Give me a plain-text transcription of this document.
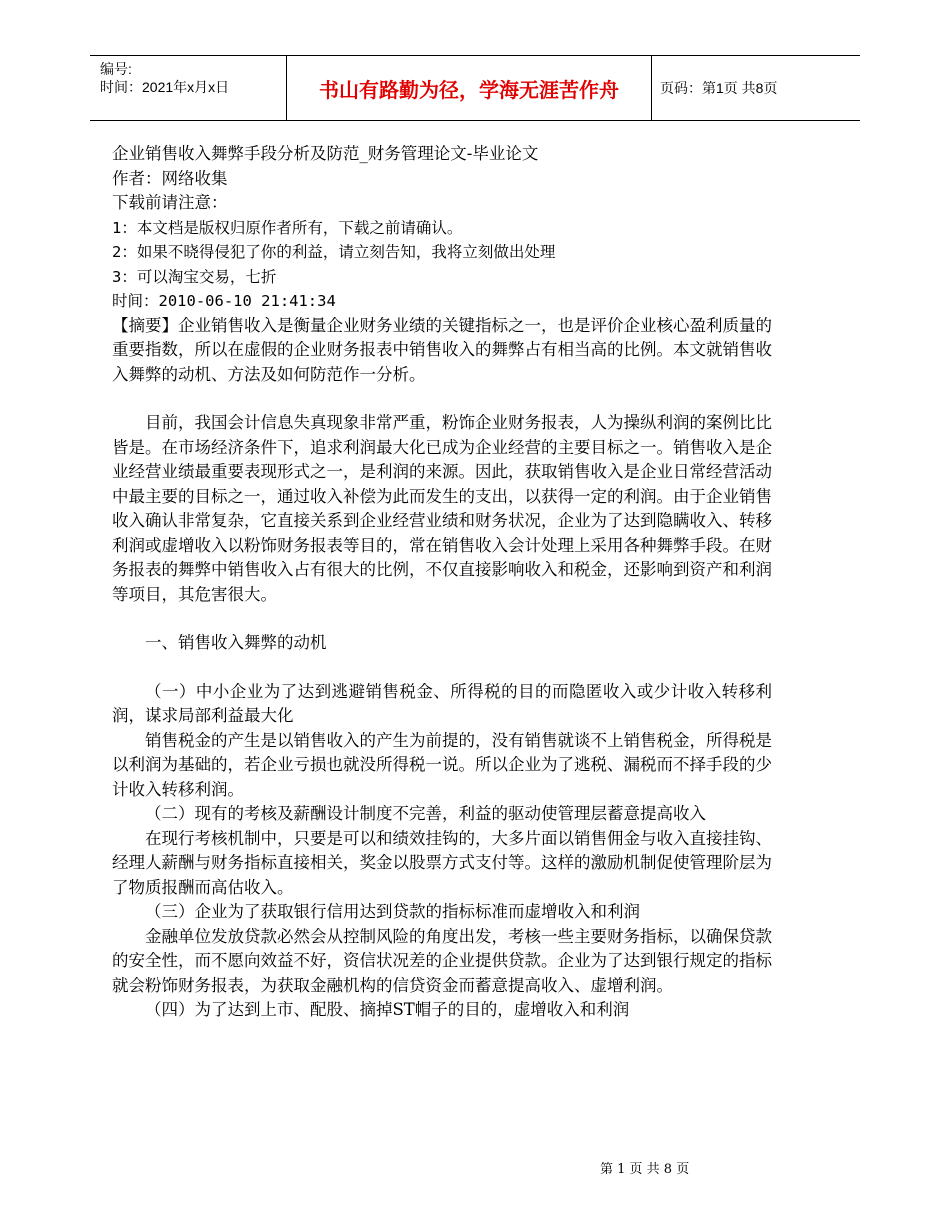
编号:
时间：2021年x月x日	书山有路勤为径，学海无涯苦作舟	页码：第1页 共8页

企业销售收入舞弊手段分析及防范_财务管理论文-毕业论文

作者：网络收集

下载前请注意：

1：本文档是版权归原作者所有，下载之前请确认。

2：如果不晓得侵犯了你的利益，请立刻告知，我将立刻做出处理

3：可以淘宝交易，七折

时间：2010-06-10 21:41:34

【摘要】企业销售收入是衡量企业财务业绩的关键指标之一，也是评价企业核心盈利质量的重要指数，所以在虚假的企业财务报表中销售收入的舞弊占有相当高的比例。本文就销售收入舞弊的动机、方法及如何防范作一分析。

目前，我国会计信息失真现象非常严重，粉饰企业财务报表，人为操纵利润的案例比比皆是。在市场经济条件下，追求利润最大化已成为企业经营的主要目标之一。销售收入是企业经营业绩最重要表现形式之一，是利润的来源。因此，获取销售收入是企业日常经营活动中最主要的目标之一，通过收入补偿为此而发生的支出，以获得一定的利润。由于企业销售收入确认非常复杂，它直接关系到企业经营业绩和财务状况，企业为了达到隐瞒收入、转移利润或虚增收入以粉饰财务报表等目的，常在销售收入会计处理上采用各种舞弊手段。在财务报表的舞弊中销售收入占有很大的比例，不仅直接影响收入和税金，还影响到资产和利润等项目，其危害很大。

一、销售收入舞弊的动机

（一）中小企业为了达到逃避销售税金、所得税的目的而隐匿收入或少计收入转移利润，谋求局部利益最大化

销售税金的产生是以销售收入的产生为前提的，没有销售就谈不上销售税金，所得税是以利润为基础的，若企业亏损也就没所得税一说。所以企业为了逃税、漏税而不择手段的少计收入转移利润。

（二）现有的考核及薪酬设计制度不完善，利益的驱动使管理层蓄意提高收入

在现行考核机制中，只要是可以和绩效挂钩的，大多片面以销售佣金与收入直接挂钩、经理人薪酬与财务指标直接相关，奖金以股票方式支付等。这样的激励机制促使管理阶层为了物质报酬而高估收入。

（三）企业为了获取银行信用达到贷款的指标标准而虚增收入和利润

金融单位发放贷款必然会从控制风险的角度出发，考核一些主要财务指标，以确保贷款的安全性，而不愿向效益不好，资信状况差的企业提供贷款。企业为了达到银行规定的指标就会粉饰财务报表，为获取金融机构的信贷资金而蓄意提高收入、虚增利润。

（四）为了达到上市、配股、摘掉ST帽子的目的，虚增收入和利润

第 1 页 共 8 页
